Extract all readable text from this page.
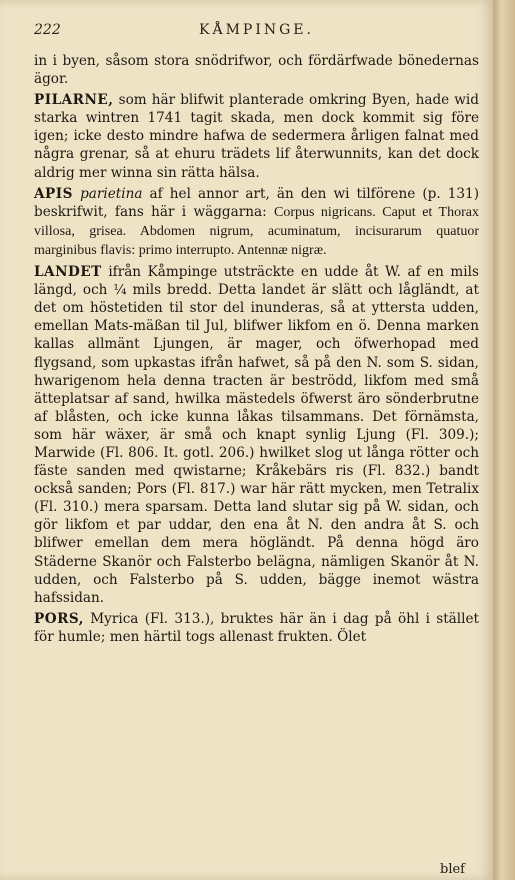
222	KÅMPINGE.

in i byen, såsom stora snödrifwor, och fördärfwade bönedernas ägor.

PILARNE, som här blifwit planterade omkring Byen, hade wid starka wintren 1741 tagit skada, men dock kommit sig före igen; icke desto mindre hafwa de sedermera årligen falnat med några grenar, så at ehuru trädets lif återwunnits, kan det dock aldrig mer winna sin rätta hälsa.

APIS parietina af hel annor art, än den wi tilförene (p. 131) beskrifwit, fans här i wäggarna: Corpus nigricans. Caput et Thorax villosa, grisea. Abdomen nigrum, acuminatum, incisurarum quatuor marginibus flavis: primo interrupto. Antennæ nigræ.

LANDET ifrån Kåmpinge utsträckte en udde åt W. af en mils längd, och ¼ mils bredd. Detta landet är slätt och lågländt, at det om höstetiden til stor del inunderas, så at yttersta udden, emellan Mats-mäßan til Jul, blifwer likfom en ö. Denna marken kallas allmänt Ljungen, är mager, och öfwerhopad med flygsand, som upkastas ifrån hafwet, så på den N. som S. sidan, hwarigenom hela denna tracten är beströdd, likfom med små ätteplatsar af sand, hwilka mästedels öfwerst äro sönderbrutne af blåsten, och icke kunna låkas tilsammans. Det förnämsta, som här wäxer, är små och knapt synlig Ljung (Fl. 309.); Marwide (Fl. 806. It. gotl. 206.) hwilket slog ut långa rötter och fäste sanden med qwistarne; Kråkebärs ris (Fl. 832.) bandt också sanden; Pors (Fl. 817.) war här rätt mycken, men Tetralix (Fl. 310.) mera sparsam. Detta land slutar sig på W. sidan, och gör likfom et par uddar, den ena åt N. den andra åt S. och blifwer emellan dem mera högländt. På denna högd äro Städerne Skanör och Falsterbo belägna, nämligen Skanör åt N. udden, och Falsterbo på S. udden, bägge inemot wästra hafssidan.

PORS, Myrica (Fl. 313.), bruktes här än i dag på öhl i stället för humle; men härtil togs allenast frukten. Ölet

blef
